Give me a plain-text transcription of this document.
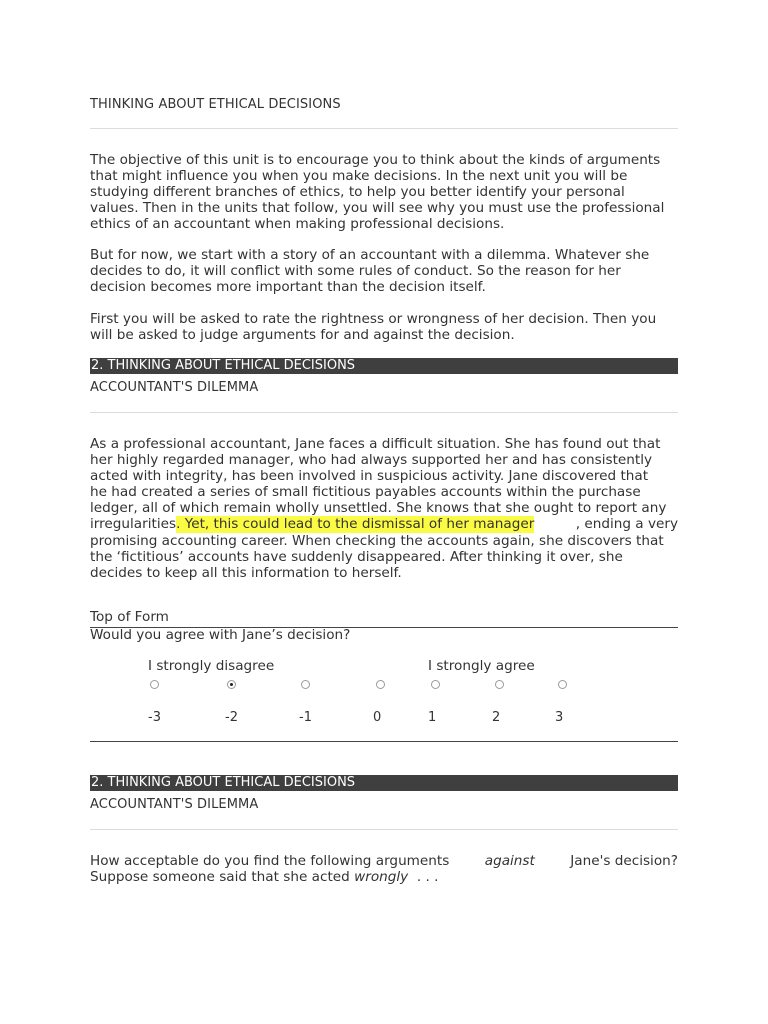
THINKING ABOUT ETHICAL DECISIONS
The objective of this unit is to encourage you to think about the kinds of arguments
that might influence you when you make decisions. In the next unit you will be
studying different branches of ethics, to help you better identify your personal
values. Then in the units that follow, you will see why you must use the professional
ethics of an accountant when making professional decisions.
But for now, we start with a story of an accountant with a dilemma. Whatever she
decides to do, it will conflict with some rules of conduct. So the reason for her
decision becomes more important than the decision itself.
First you will be asked to rate the rightness or wrongness of her decision. Then you
will be asked to judge arguments for and against the decision.
2. THINKING ABOUT ETHICAL DECISIONS
ACCOUNTANT'S DILEMMA
As a professional accountant, Jane faces a difficult situation. She has found out that
her highly regarded manager, who had always supported her and has consistently
acted with integrity, has been involved in suspicious activity. Jane discovered that
he had created a series of small fictitious payables accounts within the purchase
ledger, all of which remain wholly unsettled. She knows that she ought to report any
irregularities . Yet, this could lead to the dismissal of her manager	, ending a very
promising accounting career. When checking the accounts again, she discovers that
the ‘fictitious’ accounts have suddenly disappeared. After thinking it over, she
decides to keep all this information to herself.
Top of Form
Would you agree with Jane’s decision?
I strongly disagree	I strongly agree
-3	-2	-1	0	1	2	3
2. THINKING ABOUT ETHICAL DECISIONS
ACCOUNTANT'S DILEMMA
How acceptable do you find the following arguments	against	Jane's decision?
Suppose someone said that she acted wrongly . . .
